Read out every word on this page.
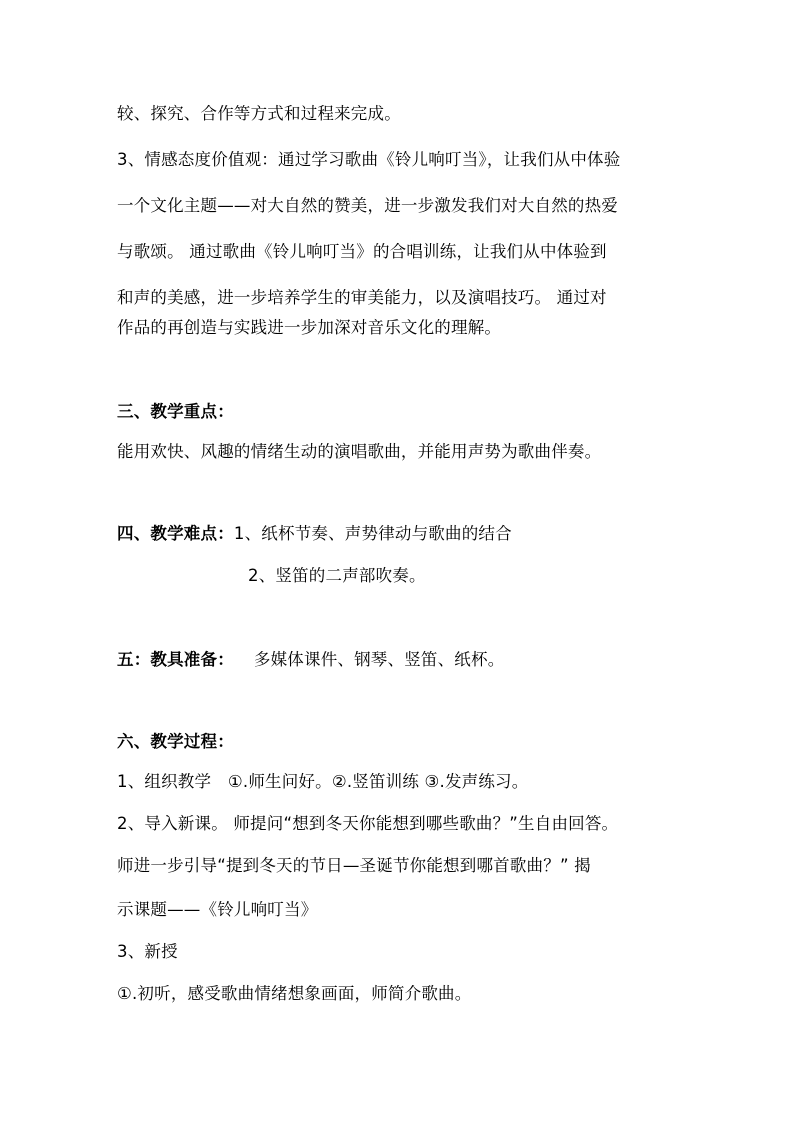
较、探究、合作等方式和过程来完成。
3、情感态度价值观：通过学习歌曲《铃儿响叮当》，让我们从中体验
一个文化主题——对大自然的赞美，进一步激发我们对大自然的热爱
与歌颂。 通过歌曲《铃儿响叮当》的合唱训练，让我们从中体验到
和声的美感，进一步培养学生的审美能力，以及演唱技巧。 通过对
作品的再创造与实践进一步加深对音乐文化的理解。
三、教学重点：
能用欢快、风趣的情绪生动的演唱歌曲，并能用声势为歌曲伴奏。
四、教学难点：1、纸杯节奏、声势律动与歌曲的结合
2、竖笛的二声部吹奏。
五：教具准备： 多媒体课件、钢琴、竖笛、纸杯。
六、教学过程：
1、组织教学　①.师生问好。②.竖笛训练 ③.发声练习。
2、导入新课。 师提问“想到冬天你能想到哪些歌曲？”生自由回答。
师进一步引导“提到冬天的节日—圣诞节你能想到哪首歌曲？” 揭
示课题——《铃儿响叮当》
3、新授
①.初听，感受歌曲情绪想象画面，师简介歌曲。
